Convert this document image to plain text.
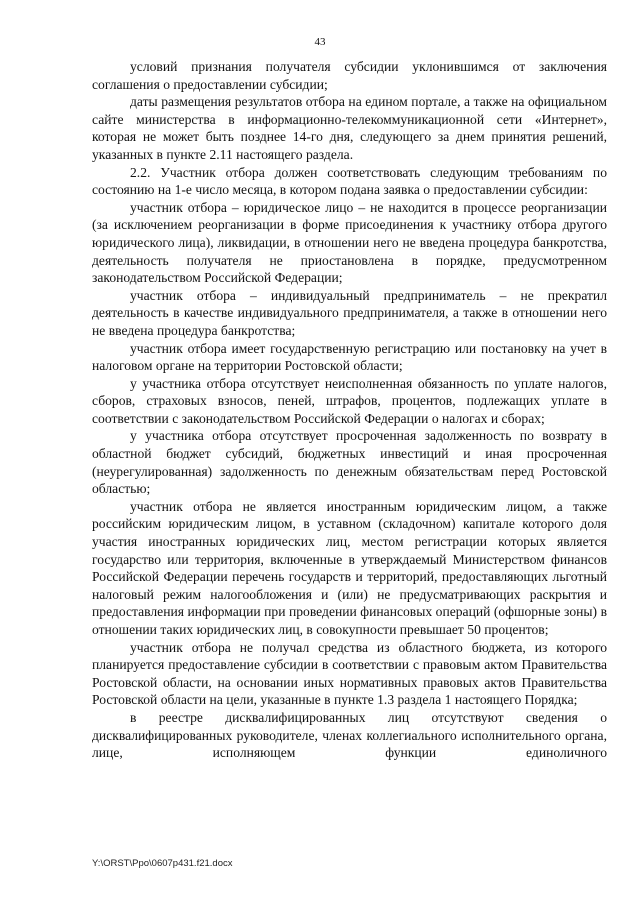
43

условий признания получателя субсидии уклонившимся от заключения соглашения о предоставлении субсидии;

даты размещения результатов отбора на едином портале, а также на официальном сайте министерства в информационно-телекоммуникационной сети «Интернет», которая не может быть позднее 14-го дня, следующего за днем принятия решений, указанных в пункте 2.11 настоящего раздела.

2.2. Участник отбора должен соответствовать следующим требованиям по состоянию на 1-е число месяца, в котором подана заявка о предоставлении субсидии:

участник отбора – юридическое лицо – не находится в процессе реорганизации (за исключением реорганизации в форме присоединения к участнику отбора другого юридического лица), ликвидации, в отношении него не введена процедура банкротства, деятельность получателя не приостановлена в порядке, предусмотренном законодательством Российской Федерации;

участник отбора – индивидуальный предприниматель – не прекратил деятельность в качестве индивидуального предпринимателя, а также в отношении него не введена процедура банкротства;

участник отбора имеет государственную регистрацию или постановку на учет в налоговом органе на территории Ростовской области;

у участника отбора отсутствует неисполненная обязанность по уплате налогов, сборов, страховых взносов, пеней, штрафов, процентов, подлежащих уплате в соответствии с законодательством Российской Федерации о налогах и сборах;

у участника отбора отсутствует просроченная задолженность по возврату в областной бюджет субсидий, бюджетных инвестиций и иная просроченная (неурегулированная) задолженность по денежным обязательствам перед Ростовской областью;

участник отбора не является иностранным юридическим лицом, а также российским юридическим лицом, в уставном (складочном) капитале которого доля участия иностранных юридических лиц, местом регистрации которых является государство или территория, включенные в утверждаемый Министерством финансов Российской Федерации перечень государств и территорий, предоставляющих льготный налоговый режим налогообложения и (или) не предусматривающих раскрытия и предоставления информации при проведении финансовых операций (офшорные зоны) в отношении таких юридических лиц, в совокупности превышает 50 процентов;

участник отбора не получал средства из областного бюджета, из которого планируется предоставление субсидии в соответствии с правовым актом Правительства Ростовской области, на основании иных нормативных правовых актов Правительства Ростовской области на цели, указанные в пункте 1.3 раздела 1 настоящего Порядка;

в реестре дисквалифицированных лиц отсутствуют сведения о дисквалифицированных руководителе, членах коллегиального исполнительного органа, лице, исполняющем функции единоличного

Y:\ORST\Ppo\0607p431.f21.docx
